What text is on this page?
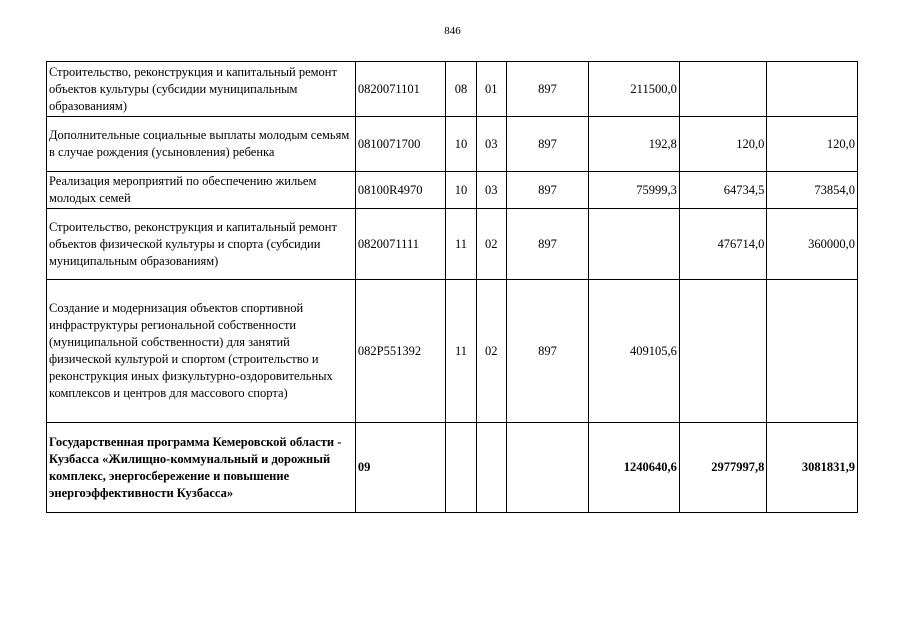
846
Строительство, реконструкция и капитальный ремонт объектов культуры (субсидии муниципальным образованиям)	0820071101	08	01	897	211500,0		
Дополнительные социальные выплаты молодым семьям в случае рождения (усыновления) ребенка	0810071700	10	03	897	192,8	120,0	120,0
Реализация мероприятий по обеспечению жильем молодых семей	08100R4970	10	03	897	75999,3	64734,5	73854,0
Строительство, реконструкция и капитальный ремонт объектов физической культуры и спорта (субсидии муниципальным образованиям)	0820071111	11	02	897		476714,0	360000,0
Создание и модернизация объектов спортивной инфраструктуры региональной собственности (муниципальной собственности) для занятий физической культурой и спортом (строительство и реконструкция иных физкультурно-оздоровительных комплексов и центров для массового спорта)	082P551392	11	02	897	409105,6		
Государственная программа Кемеровской области - Кузбасса «Жилищно-коммунальный и дорожный комплекс, энергосбережение и повышение энергоэффективности Кузбасса»	09				1240640,6	2977997,8	3081831,9
